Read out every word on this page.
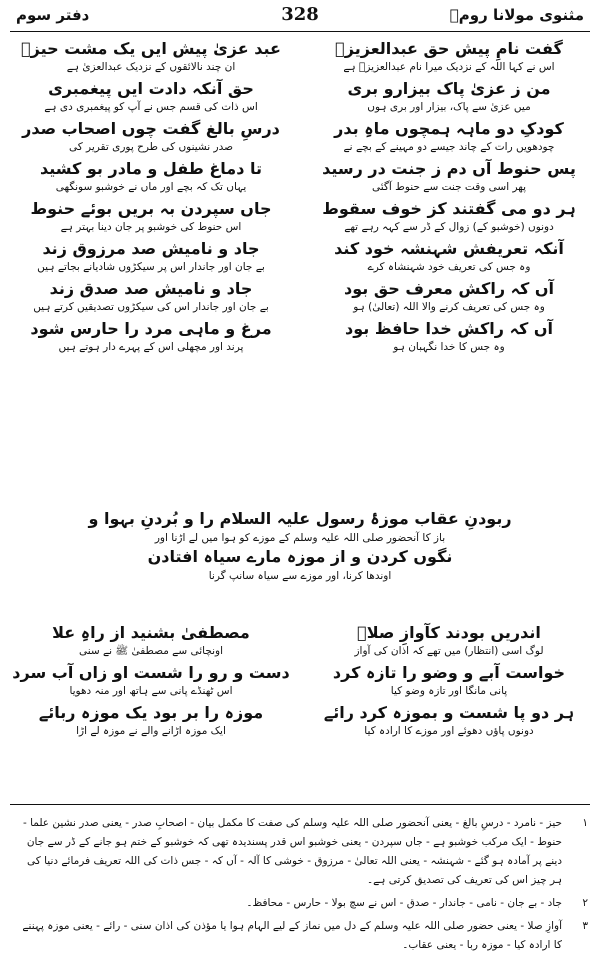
مثنوی مولانا رومؒ
328
دفتر سوم
گفت نامِ پیش حق عبدالعزیزؔ
اس نے کہا اللہ کے نزدیک میرا نام عبدالعزیزؔ ہے
عبد عزیٰ پیش ایں یک مشت حیزؔ
ان چند نالائقوں کے نزدیک عبدالعزیٰ ہے
من ز عزیٰ پاک بیزارو بری
میں عزیٰ سے پاک، بیزار اور بری ہوں
حق آنکہ دادت ایں پیغمبری
اس ذات کی قسم جس نے آپ کو پیغمبری دی ہے
کودکِ دو ماہہ ہمچوں ماہِ بدر
چودھویں رات کے چاند جیسے دو مہینے کے بچے نے
درسِ بالغ گفت چوں اصحاب صدر
صدر نشینوں کی طرح پوری تقریر کی
پس حنوط آں دم ز جنت در رسید
پھر اسی وقت جنت سے حنوط آگئی
تا دماغ طفل و مادر بو کشید
یہاں تک کہ بچے اور ماں نے خوشبو سونگھی
ہر دو می گفتند کز خوف سقوط
دونوں (خوشبو کے) زوال کے ڈر سے کہہ رہے تھے
جاں سپردن بہ بریں بوئے حنوط
اس حنوط کی خوشبو پر جان دینا بہتر ہے
آنکہ تعریفش شہنشہ خود کند
وہ جس کی تعریف خود شہنشاہ کرے
جاد و نامیش صد مرزوق زند
بے جان اور جاندار اس پر سیکڑوں شادیانے بجاتے ہیں
آں کہ راکش معرف حق بود
وہ جس کی تعریف کرنے والا اللہ (تعالیٰ) ہو
جاد و نامیش صد صدق زند
بے جان اور جاندار اس کی سیکڑوں تصدیقیں کرتے ہیں
آں کہ راکش خدا حافظ بود
وہ جس کا خدا نگہبان ہو
مرغ و ماہی مرد را حارس شود
پرند اور مچھلی اس کے پہرے دار ہوتے ہیں
ربودنِ عقاب موزۂ رسول علیہ السلام را و بُردنِ بہوا و
باز کا آنحضور صلی اللہ علیہ وسلم کے موزے کو ہوا میں لے اڑنا اور
نگوں کردن و از موزہ مارے سیاہ افتادن
اوندھا کرنا، اور موزے سے سیاہ سانپ گرنا
اندریں بودند کآوازِ صلاؔ
لوگ اسی (انتظار) میں تھے کہ اذان کی آواز
مصطفیٰ بشنید از راہِ علا
اونچائی سے مصطفیٰ ﷺ نے سنی
خواست آبے و وضو را تازہ کرد
پانی مانگا اور تازہ وضو کیا
دست و رو را شست او زاں آب سرد
اس ٹھنڈے پانی سے ہاتھ اور منہ دھویا
ہر دو پا شست و بموزہ کرد رائے
دونوں پاؤں دھوئے اور موزے کا ارادہ کیا
موزہ را بر بود یک موزہ ربائے
ایک موزہ اڑانے والے نے موزہ لے اڑا
۱
حیز - نامرد - درسِ بالغ - یعنی آنحضور صلی اللہ علیہ وسلم کی صفت کا مکمل بیان - اصحابِ صدر - یعنی صدر نشین علما - حنوط - ایک مرکب خوشبو ہے - جاں سپردن - یعنی خوشبو اس قدر پسندیدہ تھی کہ خوشبو کے ختم ہو جانے کے ڈر سے جان دینے پر آمادہ ہو گئے - شہنشہ - یعنی اللہ تعالیٰ - مرزوق - خوشی کا آلہ - آں کہ - جس ذات کی اللہ تعریف فرمائے دنیا کی ہر چیز اس کی تعریف کی تصدیق کرتی ہے۔
۲
جاد - بے جان - نامی - جاندار - صدق - اس نے سچ بولا - حارس - محافظ۔
۳
آوازِ صلا - یعنی حضور صلی اللہ علیہ وسلم کے دل میں نماز کے لیے الہام ہوا یا مؤذن کی اذان سنی - رائے - یعنی موزہ پہننے کا ارادہ کیا - موزہ ربا - یعنی عقاب۔
